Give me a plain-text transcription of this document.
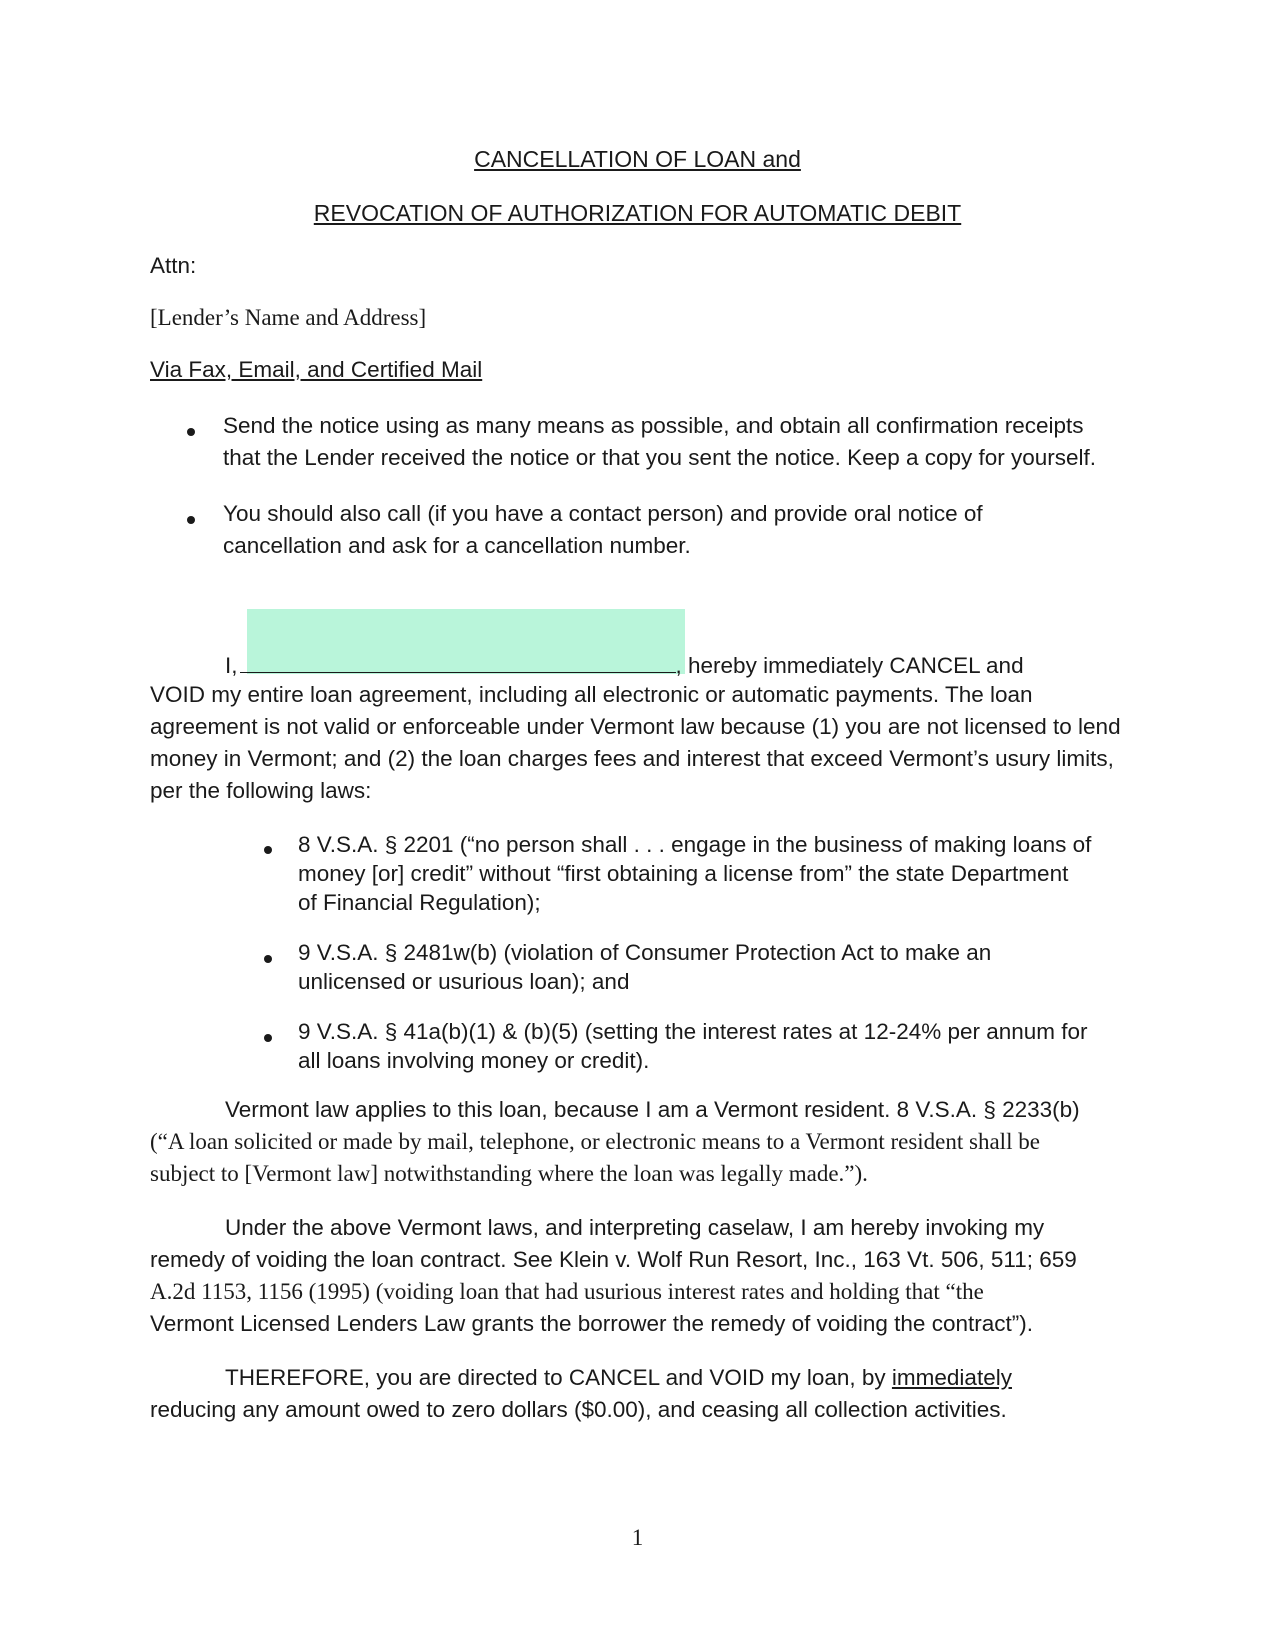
CANCELLATION OF LOAN and
REVOCATION OF AUTHORIZATION FOR AUTOMATIC DEBIT
Attn:
[Lender’s Name and Address]
Via Fax, Email, and Certified Mail
Send the notice using as many means as possible, and obtain all confirmation receipts
that the Lender received the notice or that you sent the notice. Keep a copy for yourself.
You should also call (if you have a contact person) and provide oral notice of
cancellation and ask for a cancellation number.
I,	, hereby immediately CANCEL and
VOID my entire loan agreement, including all electronic or automatic payments. The loan
agreement is not valid or enforceable under Vermont law because (1) you are not licensed to lend
money in Vermont; and (2) the loan charges fees and interest that exceed Vermont’s usury limits,
per the following laws:
8 V.S.A. § 2201 (“no person shall . . . engage in the business of making loans of
money [or] credit” without “first obtaining a license from” the state Department
of Financial Regulation);
9 V.S.A. § 2481w(b) (violation of Consumer Protection Act to make an
unlicensed or usurious loan); and
9 V.S.A. § 41a(b)(1) & (b)(5) (setting the interest rates at 12-24% per annum for
all loans involving money or credit).
Vermont law applies to this loan, because I am a Vermont resident. 8 V.S.A. § 2233(b)
(“A loan solicited or made by mail, telephone, or electronic means to a Vermont resident shall be
subject to [Vermont law] notwithstanding where the loan was legally made.”).
Under the above Vermont laws, and interpreting caselaw, I am hereby invoking my
remedy of voiding the loan contract. See Klein v. Wolf Run Resort, Inc., 163 Vt. 506, 511; 659
A.2d 1153, 1156 (1995) (voiding loan that had usurious interest rates and holding that “the
Vermont Licensed Lenders Law grants the borrower the remedy of voiding the contract”).
THEREFORE, you are directed to CANCEL and VOID my loan, by immediately
reducing any amount owed to zero dollars ($0.00), and ceasing all collection activities.
1
